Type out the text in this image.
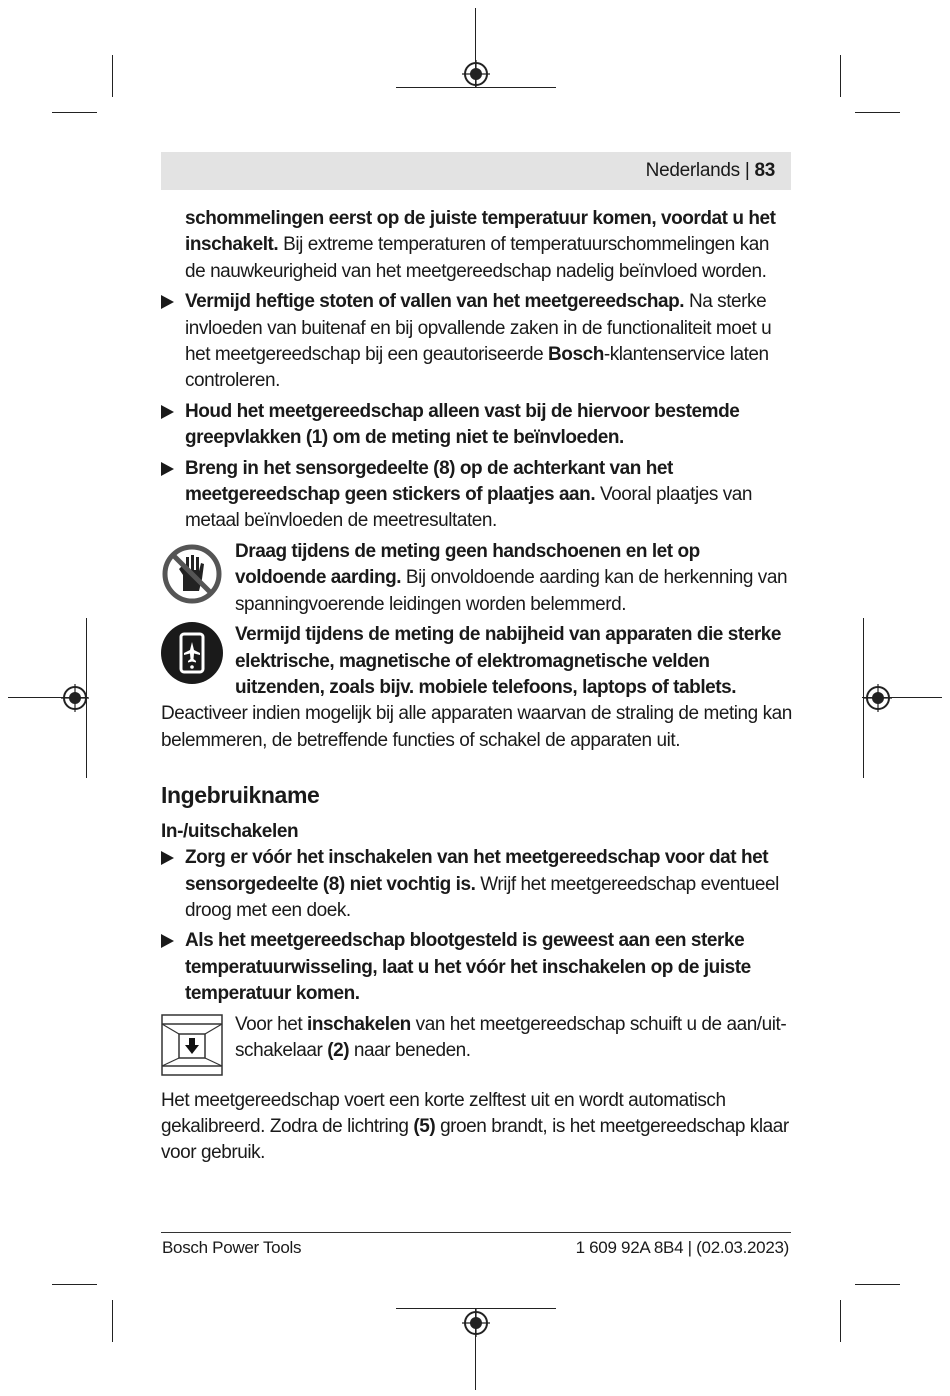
Nederlands | 83

schommelingen eerst op de juiste temperatuur komen, voordat u het inschakelt. Bij extreme temperaturen of temperatuurschommelingen kan de nauwkeurigheid van het meetgereedschap nadelig beïnvloed worden.

Vermijd heftige stoten of vallen van het meetgereedschap. Na sterke invloeden van buitenaf en bij opvallende zaken in de functionaliteit moet u het meetgereedschap bij een geautoriseerde Bosch-klantenservice laten controleren.

Houd het meetgereedschap alleen vast bij de hiervoor bestemde greepvlakken (1) om de meting niet te beïnvloeden.

Breng in het sensorgedeelte (8) op de achterkant van het meetgereedschap geen stickers of plaatjes aan. Vooral plaatjes van metaal beïnvloeden de meetresultaten.

Draag tijdens de meting geen handschoenen en let op voldoende aarding. Bij onvoldoende aarding kan de herkenning van spanningvoerende leidingen worden belemmerd.

Vermijd tijdens de meting de nabijheid van apparaten die sterke elektrische, magnetische of elektromagnetische velden uitzenden, zoals bijv. mobiele telefoons, laptops of tablets. Deactiveer indien mogelijk bij alle apparaten waarvan de straling de meting kan belemmeren, de betreffende functies of schakel de apparaten uit.

Ingebruikname
In-/uitschakelen

Zorg er vóór het inschakelen van het meetgereedschap voor dat het sensorgedeelte (8) niet vochtig is. Wrijf het meetgereedschap eventueel droog met een doek.

Als het meetgereedschap blootgesteld is geweest aan een sterke temperatuurwisseling, laat u het vóór het inschakelen op de juiste temperatuur komen.

Voor het inschakelen van het meetgereedschap schuift u de aan/uit-schakelaar (2) naar beneden.

Het meetgereedschap voert een korte zelftest uit en wordt automatisch gekalibreerd. Zodra de lichtring (5) groen brandt, is het meetgereedschap klaar voor gebruik.

Bosch Power Tools	1 609 92A 8B4 | (02.03.2023)
